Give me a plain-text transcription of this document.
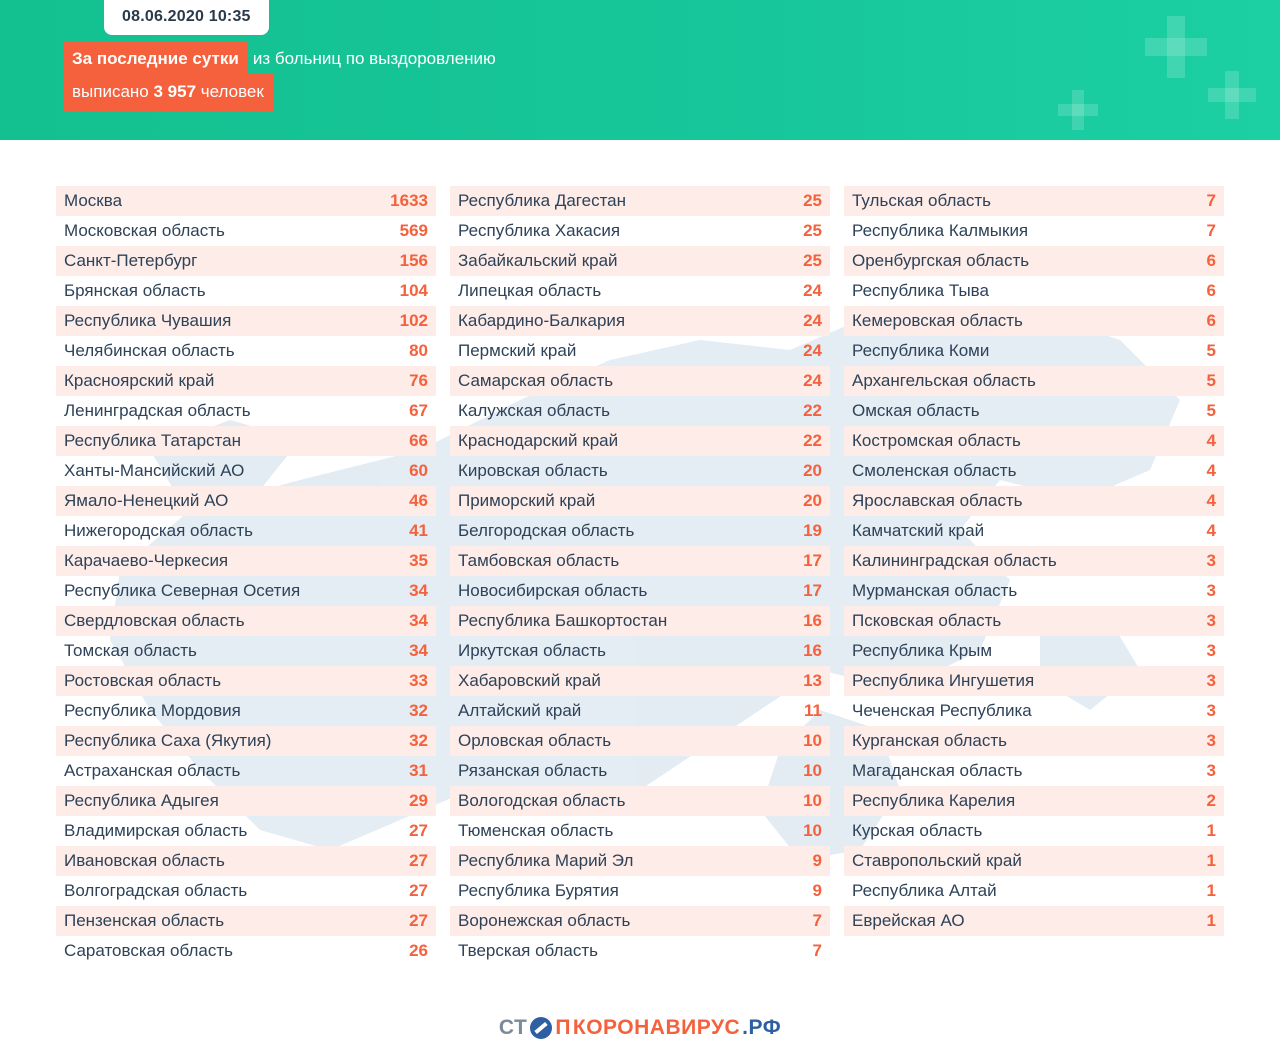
08.06.2020 10:35
За последние сутки из больниц по выздоровлению
выписано 3 957 человек
Москва	1633
Московская область	569
Санкт-Петербург	156
Брянская область	104
Республика Чувашия	102
Челябинская область	80
Красноярский край	76
Ленинградская область	67
Республика Татарстан	66
Ханты-Мансийский АО	60
Ямало-Ненецкий АО	46
Нижегородская область	41
Карачаево-Черкесия	35
Республика Северная Осетия	34
Свердловская область	34
Томская область	34
Ростовская область	33
Республика Мордовия	32
Республика Саха (Якутия)	32
Астраханская область	31
Республика Адыгея	29
Владимирская область	27
Ивановская область	27
Волгоградская область	27
Пензенская область	27
Саратовская область	26
Республика Дагестан	25
Республика Хакасия	25
Забайкальский край	25
Липецкая область	24
Кабардино-Балкария	24
Пермский край	24
Самарская область	24
Калужская область	22
Краснодарский край	22
Кировская область	20
Приморский край	20
Белгородская область	19
Тамбовская область	17
Новосибирская область	17
Республика Башкортостан	16
Иркутская область	16
Хабаровский край	13
Алтайский край	11
Орловская область	10
Рязанская область	10
Вологодская область	10
Тюменская область	10
Республика Марий Эл	9
Республика Бурятия	9
Воронежская область	7
Тверская область	7
Тульская область	7
Республика Калмыкия	7
Оренбургская область	6
Республика Тыва	6
Кемеровская область	6
Республика Коми	5
Архангельская область	5
Омская область	5
Костромская область	4
Смоленская область	4
Ярославская область	4
Камчатский край	4
Калининградская область	3
Мурманская область	3
Псковская область	3
Республика Крым	3
Республика Ингушетия	3
Чеченская Республика	3
Курганская область	3
Магаданская область	3
Республика Карелия	2
Курская область	1
Ставропольский край	1
Республика Алтай	1
Еврейская АО	1
СТ П КОРОНАВИРУС .РФ
